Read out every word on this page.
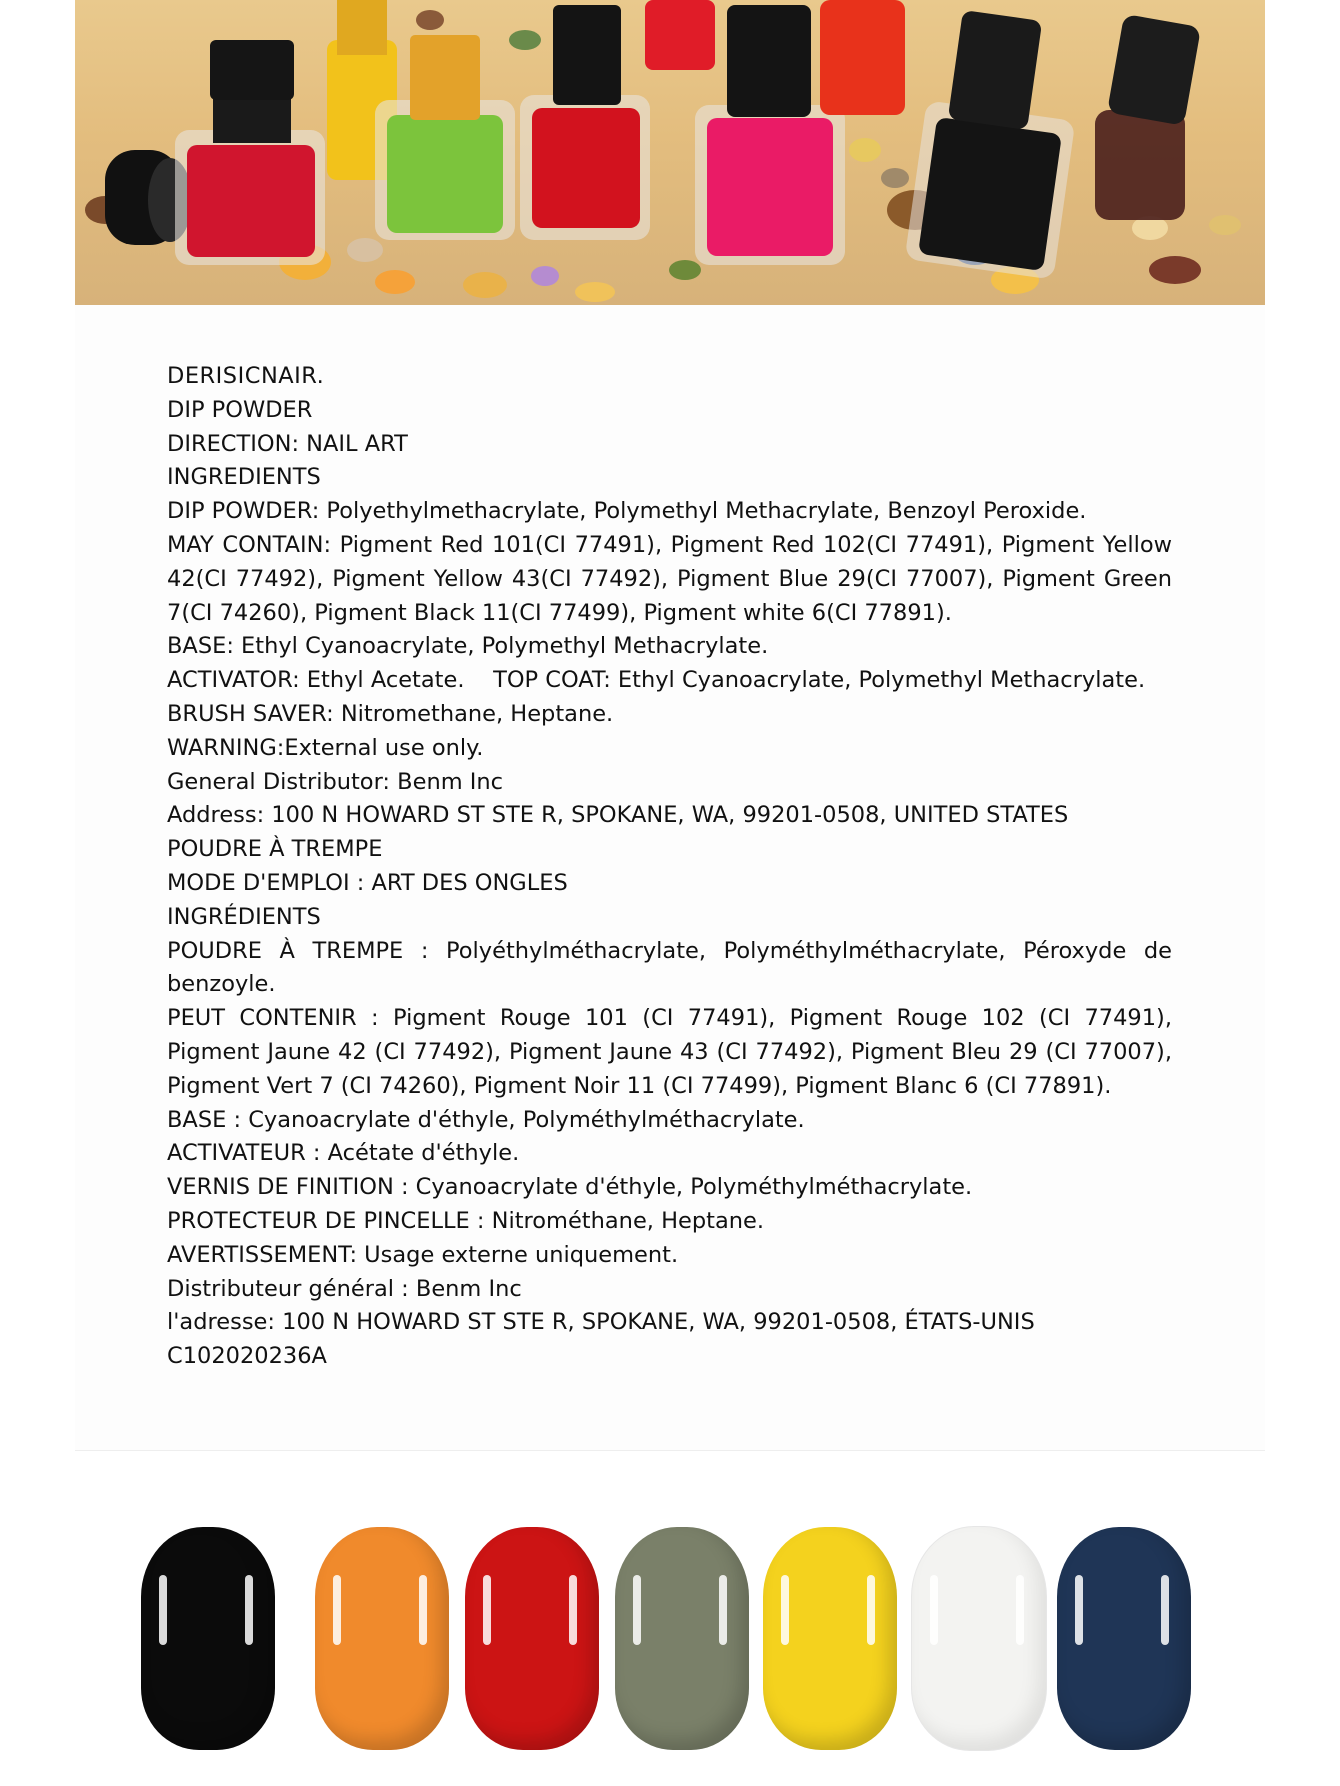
DERISICNAIR.

DIP POWDER

DIRECTION: NAIL ART

INGREDIENTS

DIP POWDER: Polyethylmethacrylate, Polymethyl Methacrylate, Benzoyl Peroxide.

MAY CONTAIN: Pigment Red 101(CI 77491), Pigment Red 102(CI 77491), Pigment Yellow 42(CI 77492), Pigment Yellow 43(CI 77492), Pigment Blue 29(CI 77007), Pigment Green 7(CI 74260), Pigment Black 11(CI 77499), Pigment white 6(CI 77891).

BASE: Ethyl Cyanoacrylate, Polymethyl Methacrylate.

ACTIVATOR: Ethyl Acetate.    TOP COAT: Ethyl Cyanoacrylate, Polymethyl Methacrylate.

BRUSH SAVER: Nitromethane, Heptane.

WARNING:External use only.

General Distributor: Benm Inc

Address: 100 N HOWARD ST STE R, SPOKANE, WA, 99201-0508, UNITED STATES

POUDRE À TREMPE

MODE D'EMPLOI : ART DES ONGLES

INGRÉDIENTS

POUDRE À TREMPE : Polyéthylméthacrylate, Polyméthylméthacrylate, Péroxyde de benzoyle.

PEUT CONTENIR : Pigment Rouge 101 (CI 77491), Pigment Rouge 102 (CI 77491), Pigment Jaune 42 (CI 77492), Pigment Jaune 43 (CI 77492), Pigment Bleu 29 (CI 77007), Pigment Vert 7 (CI 74260), Pigment Noir 11 (CI 77499), Pigment Blanc 6 (CI 77891).

BASE : Cyanoacrylate d'éthyle, Polyméthylméthacrylate.

ACTIVATEUR : Acétate d'éthyle.

VERNIS DE FINITION : Cyanoacrylate d'éthyle, Polyméthylméthacrylate.

PROTECTEUR DE PINCELLE : Nitrométhane, Heptane.

AVERTISSEMENT: Usage externe uniquement.

Distributeur général : Benm Inc

l'adresse: 100 N HOWARD ST STE R, SPOKANE, WA, 99201-0508, ÉTATS-UNIS

C102020236A
